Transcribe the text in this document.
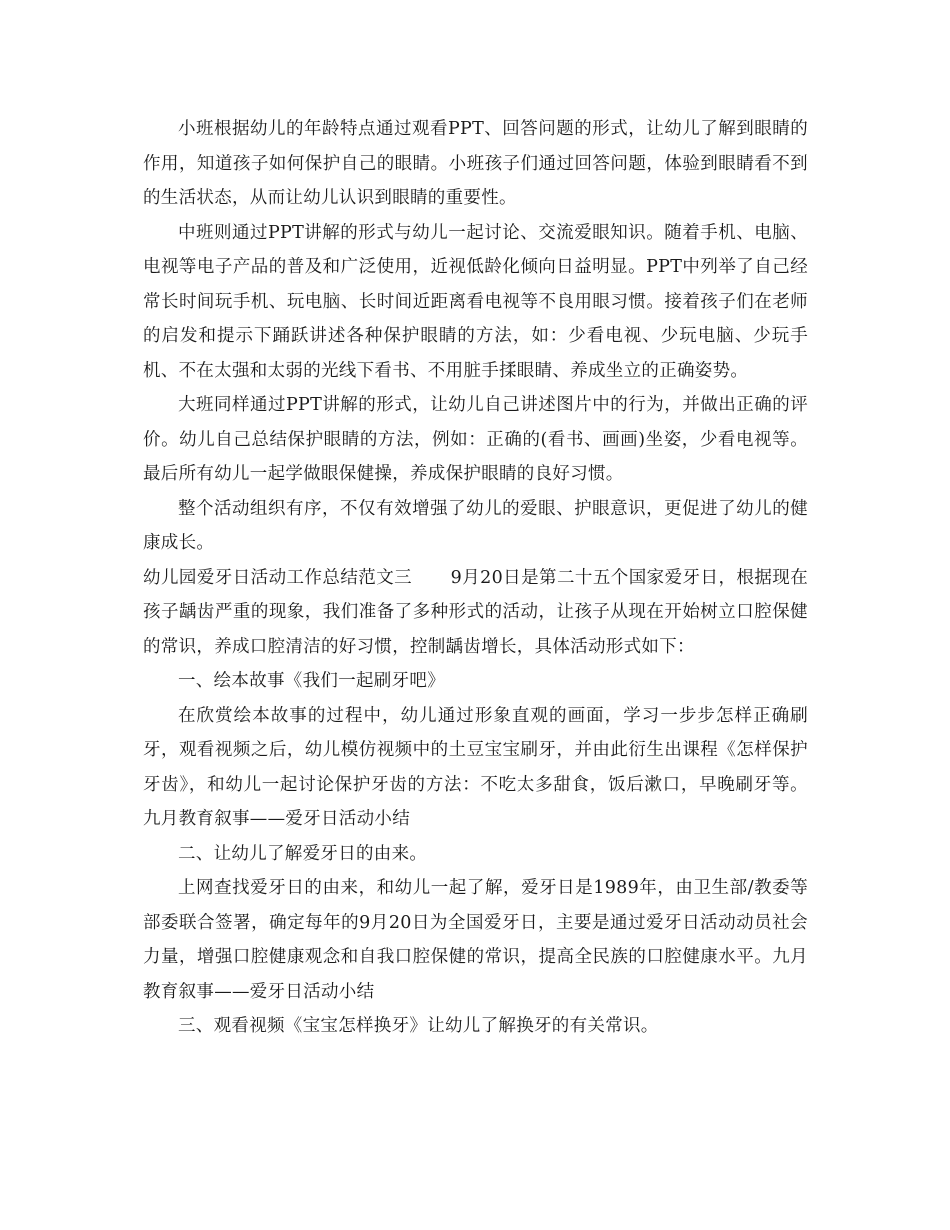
小班根据幼儿的年龄特点通过观看PPT、回答问题的形式，让幼儿了解到眼睛的作用，知道孩子如何保护自己的眼睛。小班孩子们通过回答问题，体验到眼睛看不到的生活状态，从而让幼儿认识到眼睛的重要性。

中班则通过PPT讲解的形式与幼儿一起讨论、交流爱眼知识。随着手机、电脑、电视等电子产品的普及和广泛使用，近视低龄化倾向日益明显。PPT中列举了自己经常长时间玩手机、玩电脑、长时间近距离看电视等不良用眼习惯。接着孩子们在老师的启发和提示下踊跃讲述各种保护眼睛的方法，如：少看电视、少玩电脑、少玩手机、不在太强和太弱的光线下看书、不用脏手揉眼睛、养成坐立的正确姿势。

大班同样通过PPT讲解的形式，让幼儿自己讲述图片中的行为，并做出正确的评价。幼儿自己总结保护眼睛的方法，例如：正确的(看书、画画)坐姿，少看电视等。最后所有幼儿一起学做眼保健操，养成保护眼睛的良好习惯。

整个活动组织有序，不仅有效增强了幼儿的爱眼、护眼意识，更促进了幼儿的健康成长。

幼儿园爱牙日活动工作总结范文三 9月20日是第二十五个国家爱牙日，根据现在孩子龋齿严重的现象，我们准备了多种形式的活动，让孩子从现在开始树立口腔保健的常识，养成口腔清洁的好习惯，控制龋齿增长，具体活动形式如下：

一、绘本故事《我们一起刷牙吧》

在欣赏绘本故事的过程中，幼儿通过形象直观的画面，学习一步步怎样正确刷牙，观看视频之后，幼儿模仿视频中的土豆宝宝刷牙，并由此衍生出课程《怎样保护牙齿》，和幼儿一起讨论保护牙齿的方法：不吃太多甜食，饭后漱口，早晚刷牙等。九月教育叙事——爱牙日活动小结

二、让幼儿了解爱牙日的由来。

上网查找爱牙日的由来，和幼儿一起了解，爱牙日是1989年，由卫生部/教委等部委联合签署，确定每年的9月20日为全国爱牙日，主要是通过爱牙日活动动员社会力量，增强口腔健康观念和自我口腔保健的常识，提高全民族的口腔健康水平。九月教育叙事——爱牙日活动小结

三、观看视频《宝宝怎样换牙》让幼儿了解换牙的有关常识。
